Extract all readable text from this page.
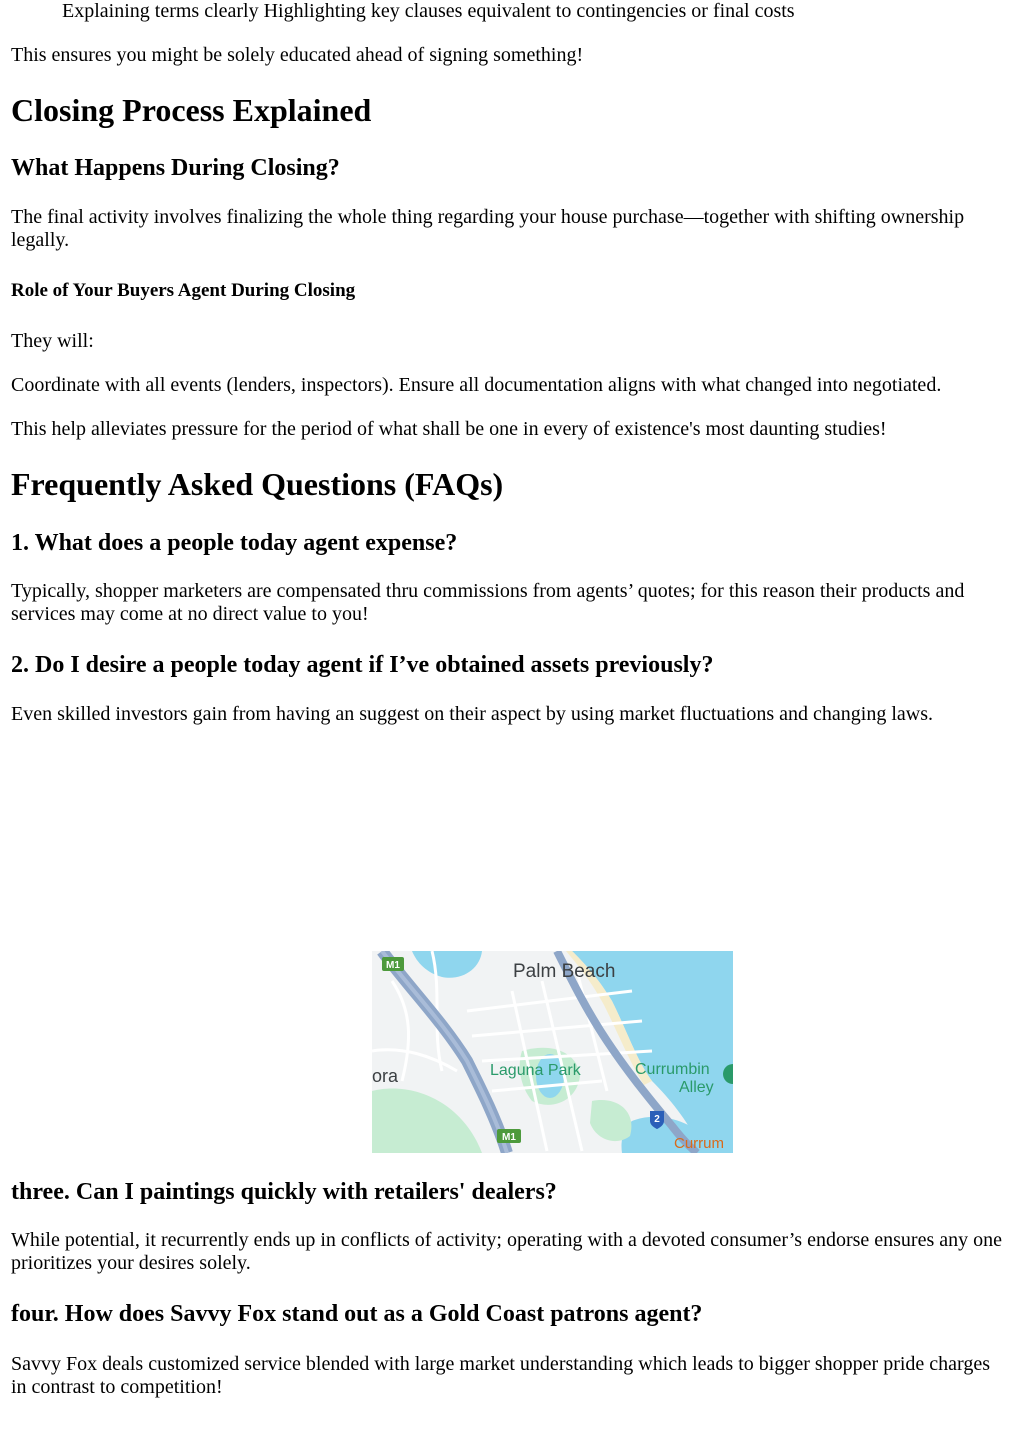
Explaining terms clearly Highlighting key clauses equivalent to contingencies or final costs

This ensures you might be solely educated ahead of signing something!

Closing Process Explained
What Happens During Closing?

The final activity involves finalizing the whole thing regarding your house purchase—together with shifting ownership legally.

Role of Your Buyers Agent During Closing

They will:

Coordinate with all events (lenders, inspectors). Ensure all documentation aligns with what changed into negotiated.

This help alleviates pressure for the period of what shall be one in every of existence's most daunting studies!

Frequently Asked Questions (FAQs)
1. What does a people today agent expense?

Typically, shopper marketers are compensated thru commissions from agents’ quotes; for this reason their products and services may come at no direct value to you!

2. Do I desire a people today agent if I’ve obtained assets previously?

Even skilled investors gain from having an suggest on their aspect by using market fluctuations and changing laws.

three. Can I paintings quickly with retailers' dealers?

While potential, it recurrently ends up in conflicts of activity; operating with a devoted consumer’s endorse ensures any one prioritizes your desires solely.

four. How does Savvy Fox stand out as a Gold Coast patrons agent?

Savvy Fox deals customized service blended with large market understanding which leads to bigger shopper pride charges in contrast to competition!

M1
M1
2
Palm Beach
Laguna Park	Currumbin
Alley
ora
Currum
